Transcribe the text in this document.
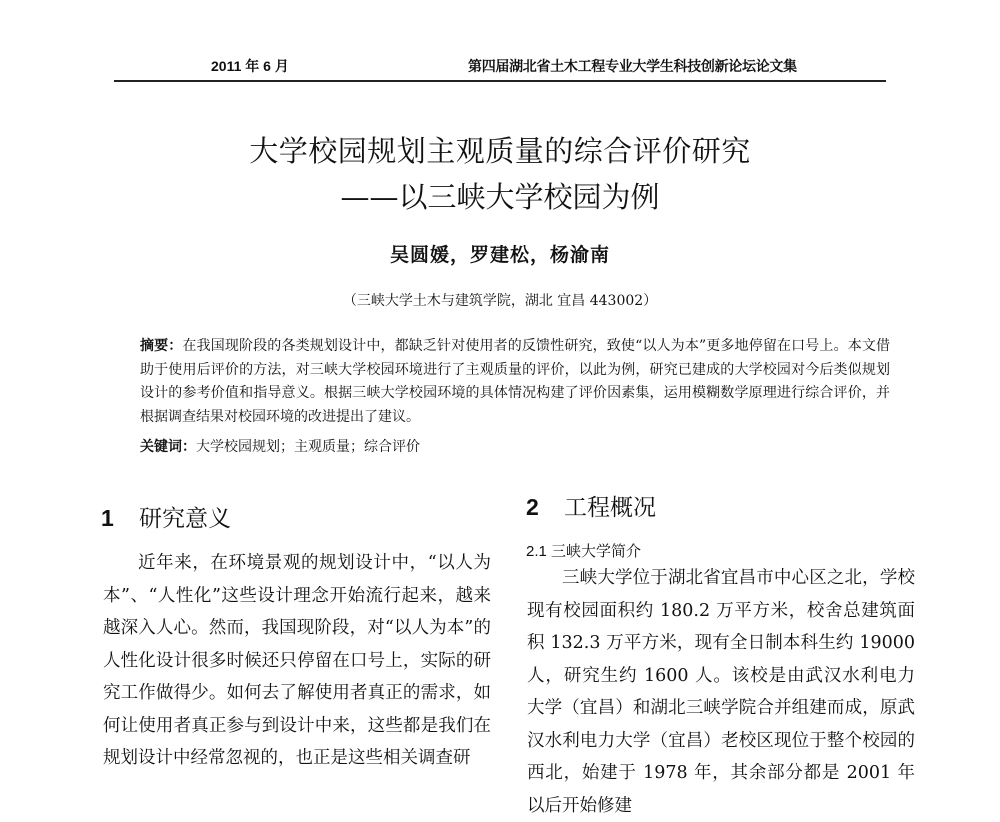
2011 年 6 月	第四届湖北省土木工程专业大学生科技创新论坛论文集
大学校园规划主观质量的综合评价研究
——以三峡大学校园为例
吴圆媛，罗建松，杨渝南
（三峡大学土木与建筑学院，湖北 宜昌 443002）
摘要：在我国现阶段的各类规划设计中，都缺乏针对使用者的反馈性研究，致使“以人为本”更多地停留在口号上。本文借助于使用后评价的方法，对三峡大学校园环境进行了主观质量的评价，以此为例，研究已建成的大学校园对今后类似规划设计的参考价值和指导意义。根据三峡大学校园环境的具体情况构建了评价因素集，运用模糊数学原理进行综合评价，并根据调查结果对校园环境的改进提出了建议。
关键词：大学校园规划；主观质量；综合评价
1 研究意义

近年来，在环境景观的规划设计中，“以人为本”、“人性化”这些设计理念开始流行起来，越来越深入人心。然而，我国现阶段，对“以人为本”的人性化设计很多时候还只停留在口号上，实际的研究工作做得少。如何去了解使用者真正的需求，如何让使用者真正参与到设计中来，这些都是我们在规划设计中经常忽视的，也正是这些相关调查研

2 工程概况
2.1 三峡大学简介

三峡大学位于湖北省宜昌市中心区之北，学校现有校园面积约 180.2 万平方米，校舍总建筑面积 132.3 万平方米，现有全日制本科生约 19000 人，研究生约 1600 人。该校是由武汉水利电力大学（宜昌）和湖北三峡学院合并组建而成，原武汉水利电力大学（宜昌）老校区现位于整个校园的西北，始建于 1978 年，其余部分都是 2001 年以后开始修建
